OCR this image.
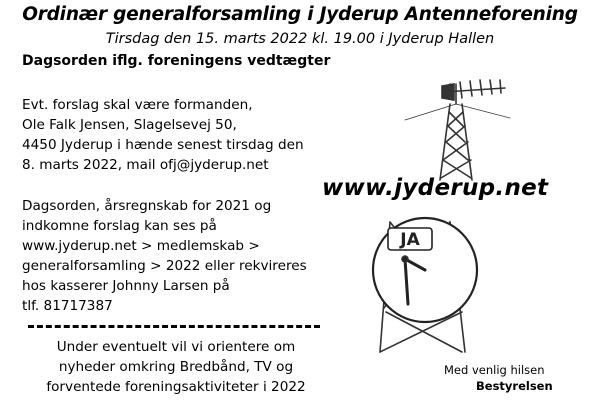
Ordinær generalforsamling i Jyderup Antenneforening
Tirsdag den 15. marts 2022 kl. 19.00 i Jyderup Hallen
Dagsorden iflg. foreningens vedtægter

Evt. forslag skal være formanden,

Ole Falk Jensen, Slagelsevej 50,

4450 Jyderup i hænde senest tirsdag den

8. marts 2022, mail ofj@jyderup.net

Dagsorden, årsregnskab for 2021 og

indkomne forslag kan ses på

www.jyderup.net > medlemskab >

generalforsamling > 2022 eller rekvireres

hos kasserer Johnny Larsen på

tlf. 81717387

www.jyderup.net
JA

Under eventuelt vil vi orientere om

nyheder omkring Bredbånd, TV og

forventede foreningsaktiviteter i 2022

Med venlig hilsen
Bestyrelsen
